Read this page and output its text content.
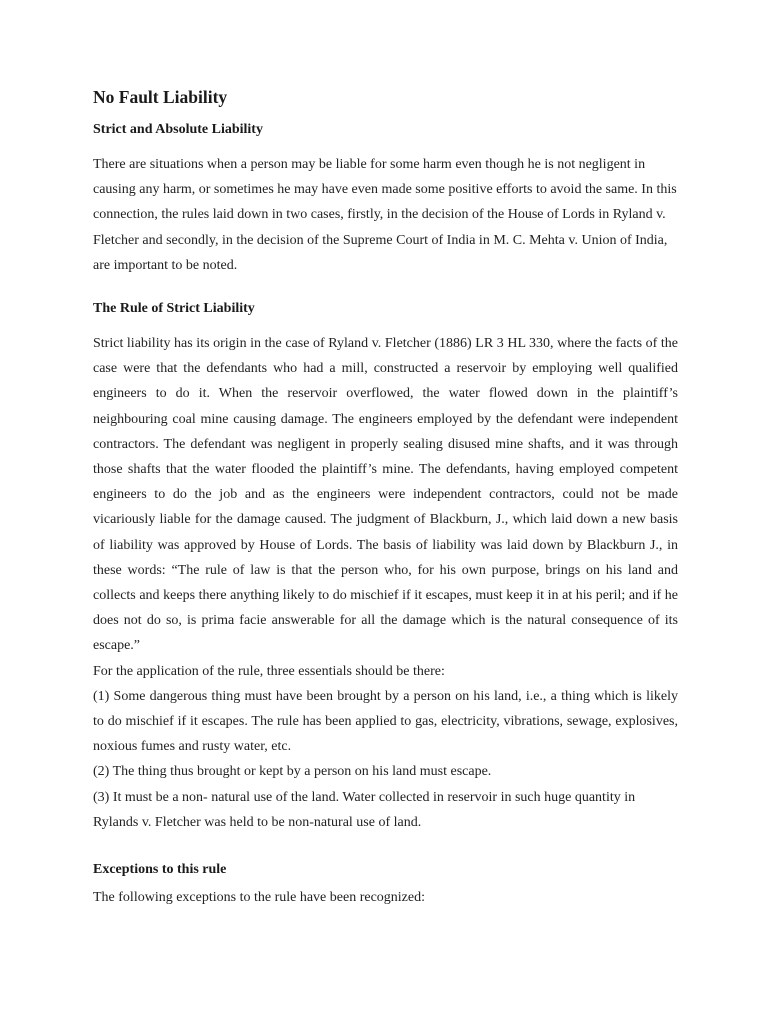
No Fault Liability
Strict and Absolute Liability

There are situations when a person may be liable for some harm even though he is not negligent in causing any harm, or sometimes he may have even made some positive efforts to avoid the same. In this connection, the rules laid down in two cases, firstly, in the decision of the House of Lords in Ryland v. Fletcher and secondly, in the decision of the Supreme Court of India in M. C. Mehta v. Union of India, are important to be noted.

The Rule of Strict Liability

Strict liability has its origin in the case of Ryland v. Fletcher (1886) LR 3 HL 330, where the facts of the case were that the defendants who had a mill, constructed a reservoir by employing well qualified engineers to do it. When the reservoir overflowed, the water flowed down in the plaintiff’s neighbouring coal mine causing damage. The engineers employed by the defendant were independent contractors. The defendant was negligent in properly sealing disused mine shafts, and it was through those shafts that the water flooded the plaintiff’s mine. The defendants, having employed competent engineers to do the job and as the engineers were independent contractors, could not be made vicariously liable for the damage caused. The judgment of Blackburn, J., which laid down a new basis of liability was approved by House of Lords. The basis of liability was laid down by Blackburn J., in these words: “The rule of law is that the person who, for his own purpose, brings on his land and collects and keeps there anything likely to do mischief if it escapes, must keep it in at his peril; and if he does not do so, is prima facie answerable for all the damage which is the natural consequence of its escape.”

For the application of the rule, three essentials should be there:

(1) Some dangerous thing must have been brought by a person on his land, i.e., a thing which is likely to do mischief if it escapes. The rule has been applied to gas, electricity, vibrations, sewage, explosives, noxious fumes and rusty water, etc.

(2) The thing thus brought or kept by a person on his land must escape.

(3) It must be a non- natural use of the land. Water collected in reservoir in such huge quantity in Rylands v. Fletcher was held to be non-natural use of land.

Exceptions to this rule

The following exceptions to the rule have been recognized:
